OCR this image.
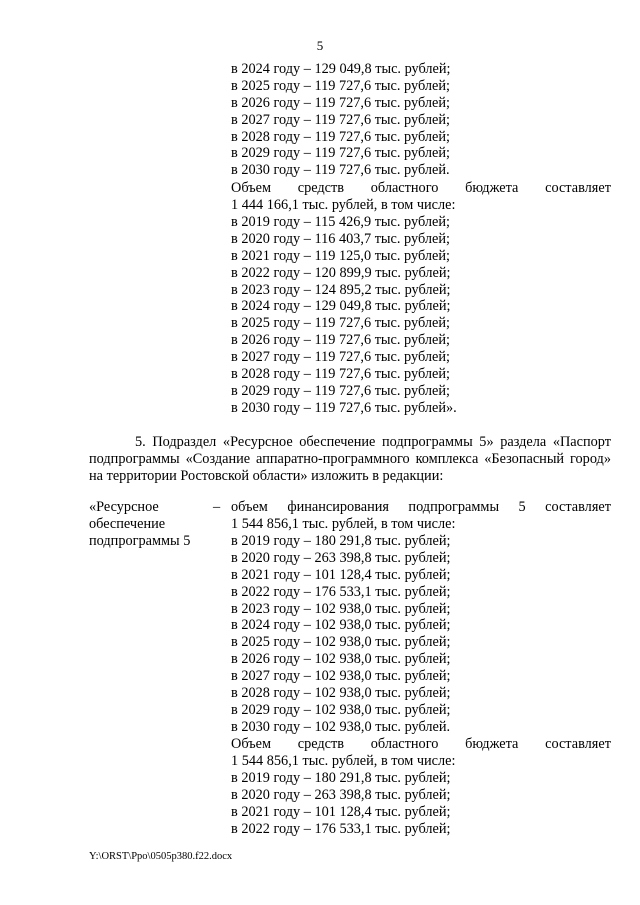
5
в 2024 году – 129 049,8 тыс. рублей;
в 2025 году – 119 727,6 тыс. рублей;
в 2026 году – 119 727,6 тыс. рублей;
в 2027 году – 119 727,6 тыс. рублей;
в 2028 году – 119 727,6 тыс. рублей;
в 2029 году – 119 727,6 тыс. рублей;
в 2030 году – 119 727,6 тыс. рублей.
Объем средств областного бюджета составляет
1 444 166,1 тыс. рублей, в том числе:
в 2019 году – 115 426,9 тыс. рублей;
в 2020 году – 116 403,7 тыс. рублей;
в 2021 году – 119 125,0 тыс. рублей;
в 2022 году – 120 899,9 тыс. рублей;
в 2023 году – 124 895,2 тыс. рублей;
в 2024 году – 129 049,8 тыс. рублей;
в 2025 году – 119 727,6 тыс. рублей;
в 2026 году – 119 727,6 тыс. рублей;
в 2027 году – 119 727,6 тыс. рублей;
в 2028 году – 119 727,6 тыс. рублей;
в 2029 году – 119 727,6 тыс. рублей;
в 2030 году – 119 727,6 тыс. рублей».
5. Подраздел «Ресурсное обеспечение подпрограммы 5» раздела «Паспорт подпрограммы «Создание аппаратно-программного комплекса «Безопасный город» на территории Ростовской области» изложить в редакции:
«Ресурсное обеспечение подпрограммы 5
– объем финансирования подпрограммы 5 составляет
1 544 856,1 тыс. рублей, в том числе:
в 2019 году – 180 291,8 тыс. рублей;
в 2020 году – 263 398,8 тыс. рублей;
в 2021 году – 101 128,4 тыс. рублей;
в 2022 году – 176 533,1 тыс. рублей;
в 2023 году – 102 938,0 тыс. рублей;
в 2024 году – 102 938,0 тыс. рублей;
в 2025 году – 102 938,0 тыс. рублей;
в 2026 году – 102 938,0 тыс. рублей;
в 2027 году – 102 938,0 тыс. рублей;
в 2028 году – 102 938,0 тыс. рублей;
в 2029 году – 102 938,0 тыс. рублей;
в 2030 году – 102 938,0 тыс. рублей.
Объем средств областного бюджета составляет
1 544 856,1 тыс. рублей, в том числе:
в 2019 году – 180 291,8 тыс. рублей;
в 2020 году – 263 398,8 тыс. рублей;
в 2021 году – 101 128,4 тыс. рублей;
в 2022 году – 176 533,1 тыс. рублей;
Y:\ORST\Ppo\0505p380.f22.docx
